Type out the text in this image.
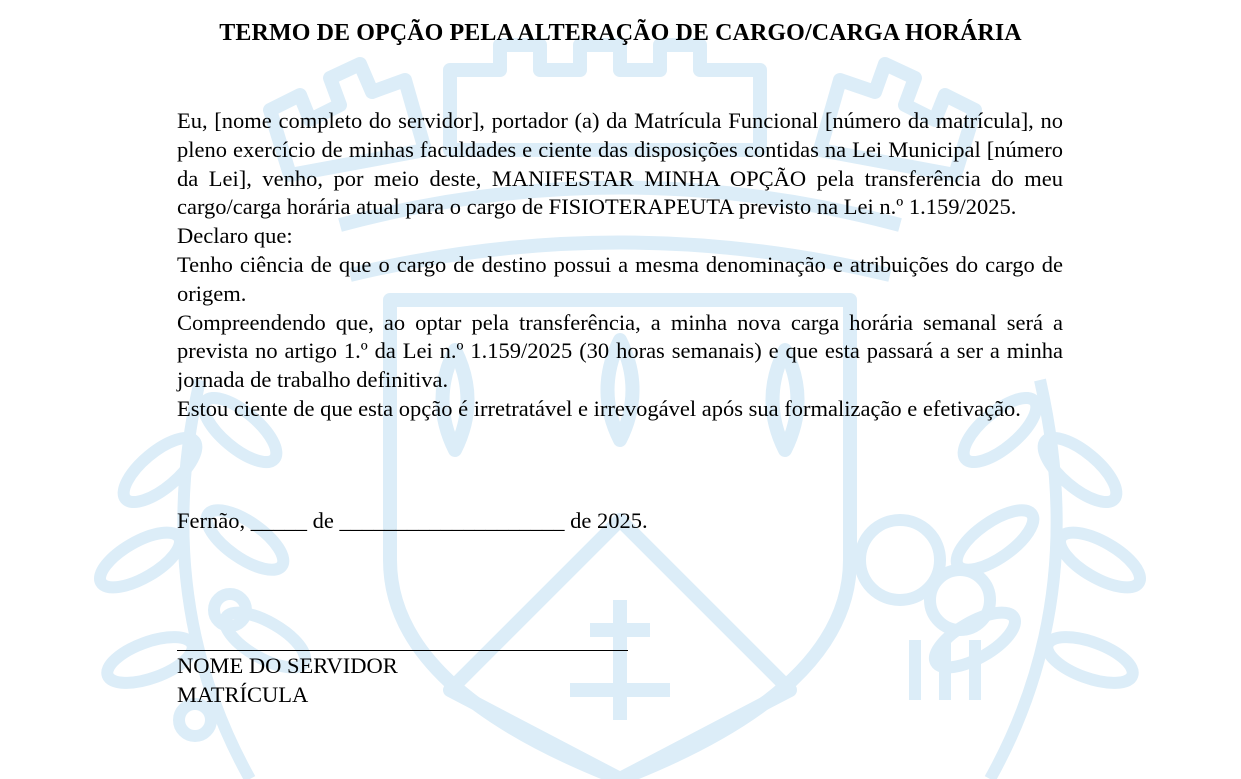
TERMO DE OPÇÃO PELA ALTERAÇÃO DE CARGO/CARGA HORÁRIA

Eu, [nome completo do servidor], portador (a) da Matrícula Funcional [número da matrícula], no pleno exercício de minhas faculdades e ciente das disposições contidas na Lei Municipal [número da Lei], venho, por meio deste, MANIFESTAR MINHA OPÇÃO pela transferência do meu cargo/carga horária atual para o cargo de FISIOTERAPEUTA previsto na Lei n.º 1.159/2025.

Declaro que:

Tenho ciência de que o cargo de destino possui a mesma denominação e atribuições do cargo de origem.

Compreendendo que, ao optar pela transferência, a minha nova carga horária semanal será a prevista no artigo 1.º da Lei n.º 1.159/2025 (30 horas semanais) e que esta passará a ser a minha jornada de trabalho definitiva.

Estou ciente de que esta opção é irretratável e irrevogável após sua formalização e efetivação.

Fernão, _____ de ____________________ de 2025.

NOME DO SERVIDOR
MATRÍCULA
